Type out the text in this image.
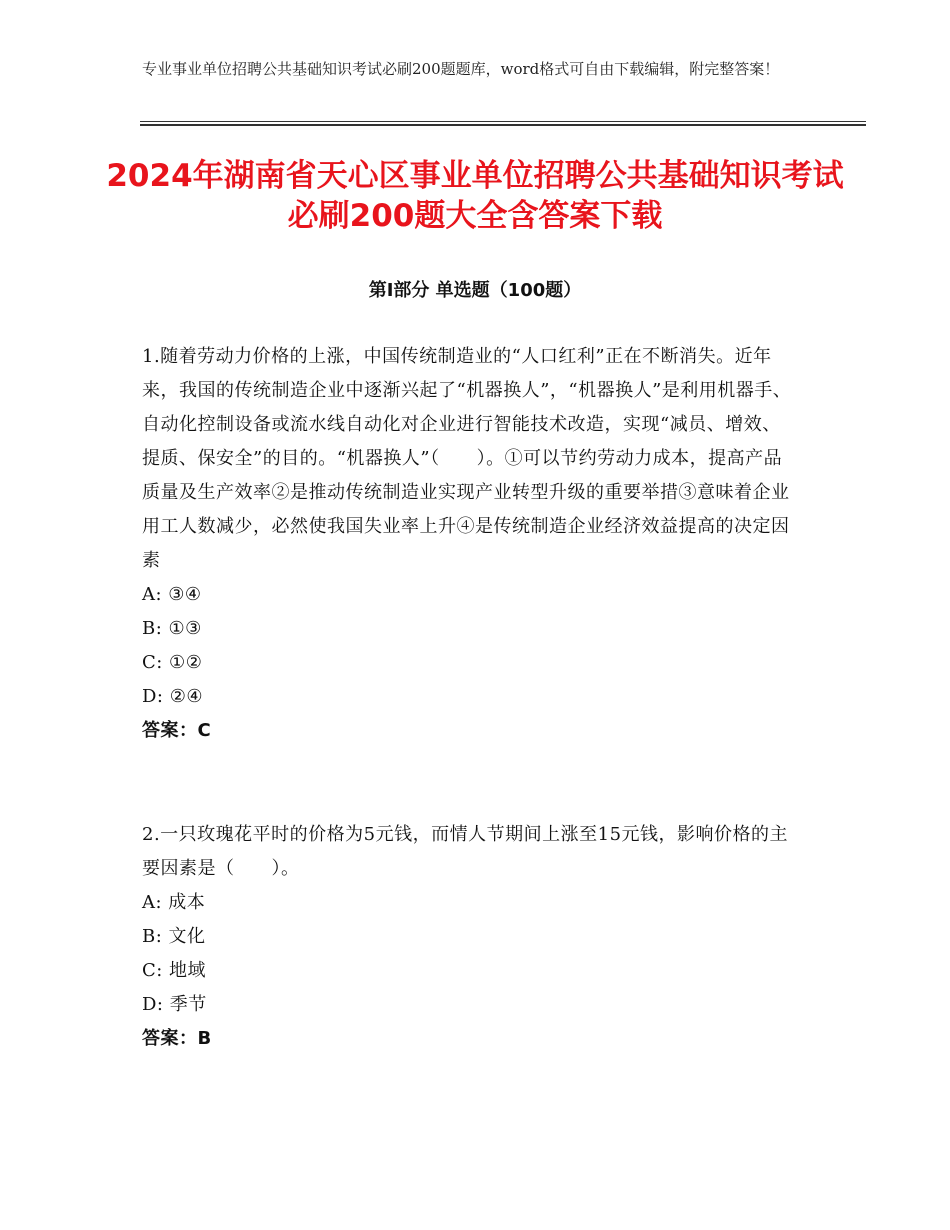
专业事业单位招聘公共基础知识考试必刷200题题库，word格式可自由下载编辑，附完整答案！
2024年湖南省天心区事业单位招聘公共基础知识考试必刷200题大全含答案下载
第Ⅰ部分 单选题（100题）
1.随着劳动力价格的上涨，中国传统制造业的“人口红利”正在不断消失。近年来，我国的传统制造企业中逐渐兴起了“机器换人”，“机器换人”是利用机器手、自动化控制设备或流水线自动化对企业进行智能技术改造，实现“减员、增效、提质、保安全”的目的。“机器换人”（　　）。①可以节约劳动力成本，提高产品质量及生产效率②是推动传统制造业实现产业转型升级的重要举措③意味着企业用工人数减少，必然使我国失业率上升④是传统制造企业经济效益提高的决定因素
A: ③④
B: ①③
C: ①②
D: ②④
答案：C
2.一只玫瑰花平时的价格为5元钱，而情人节期间上涨至15元钱，影响价格的主要因素是（　　）。
A: 成本
B: 文化
C: 地域
D: 季节
答案：B
